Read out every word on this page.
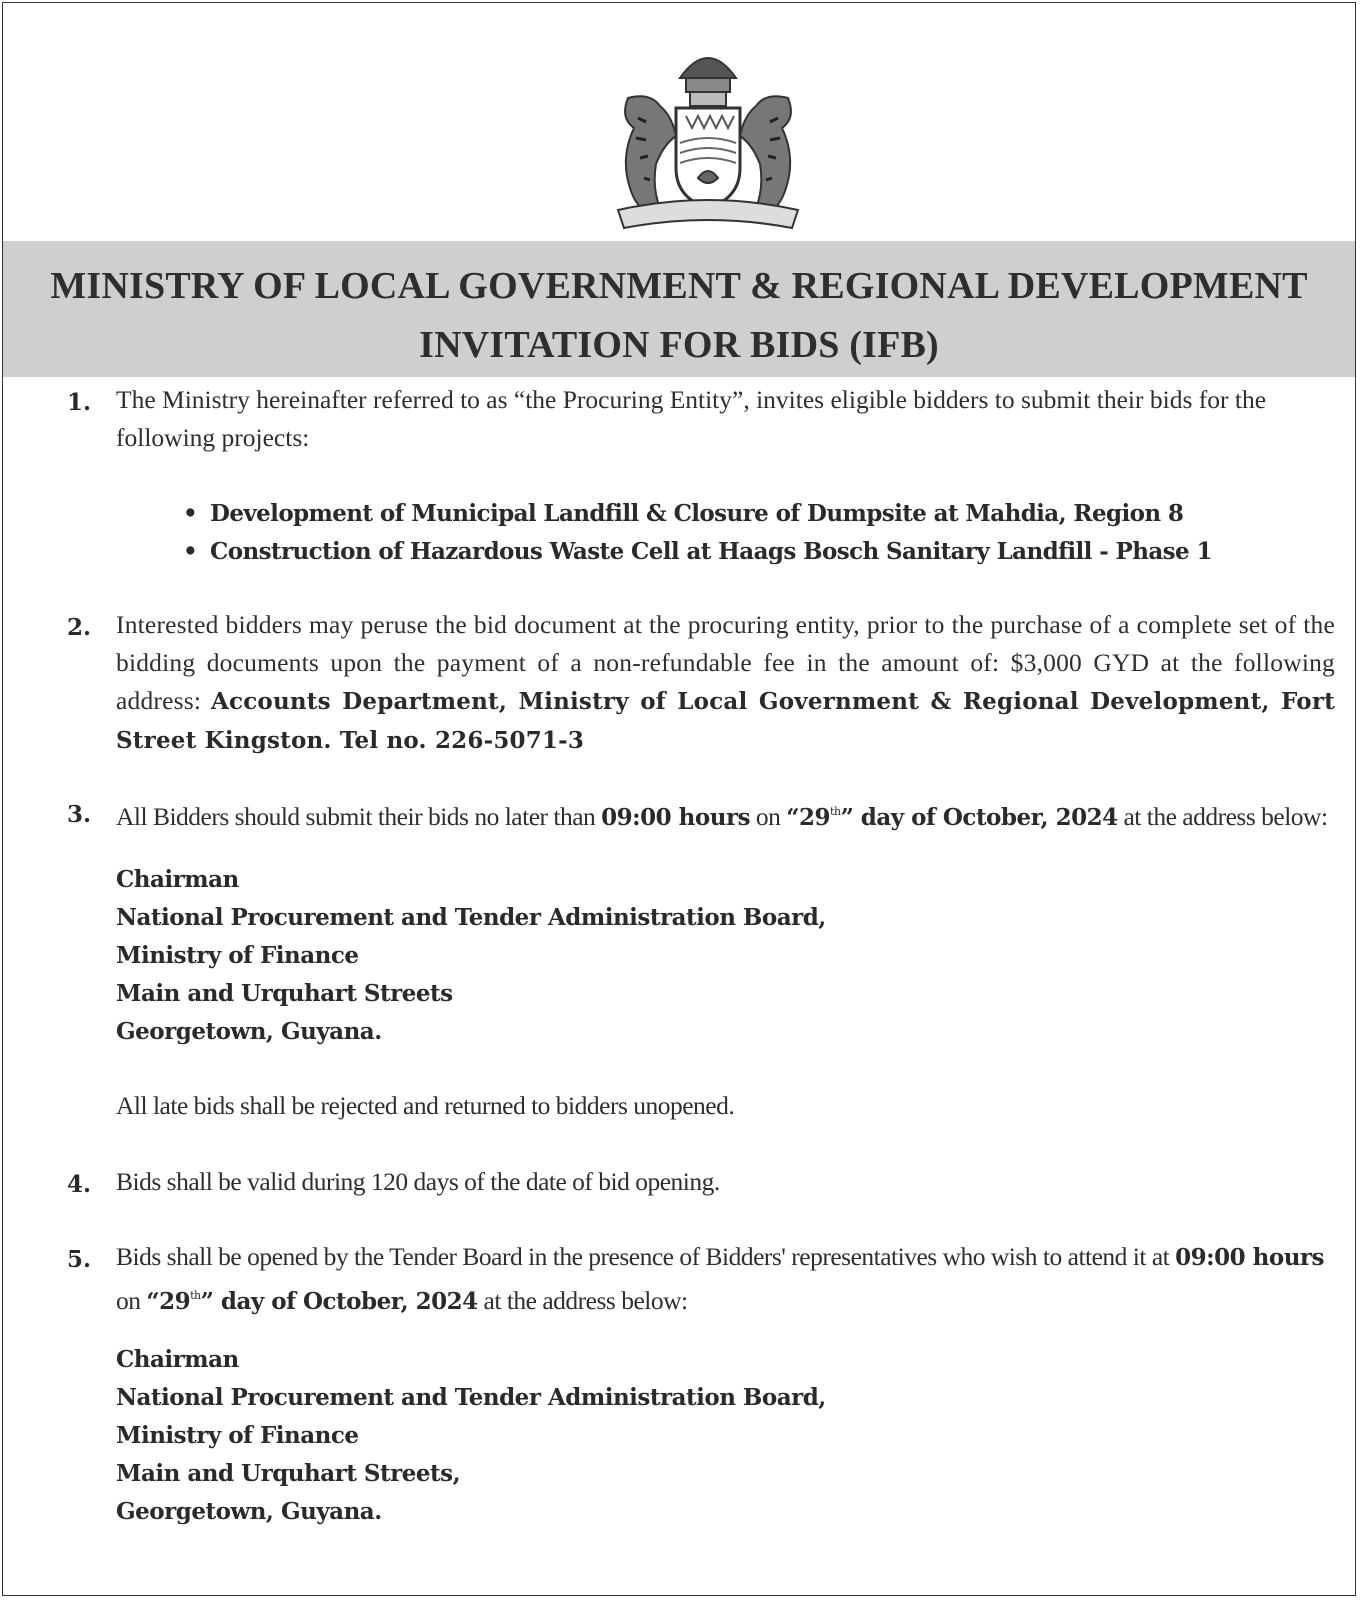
MINISTRY OF LOCAL GOVERNMENT & REGIONAL DEVELOPMENT
INVITATION FOR BIDS (IFB)
1. The Ministry hereinafter referred to as “the Procuring Entity”, invites eligible bidders to submit their bids for the following projects:
• Development of Municipal Landfill & Closure of Dumpsite at Mahdia, Region 8
• Construction of Hazardous Waste Cell at Haags Bosch Sanitary Landfill - Phase 1
2. Interested bidders may peruse the bid document at the procuring entity, prior to the purchase of a complete set of the bidding documents upon the payment of a non-refundable fee in the amount of: $3,000 GYD at the following address: Accounts Department, Ministry of Local Government & Regional Development, Fort Street Kingston. Tel no. 226-5071-3
3. All Bidders should submit their bids no later than 09:00 hours on “29th” day of October, 2024 at the address below:
Chairman
National Procurement and Tender Administration Board,
Ministry of Finance
Main and Urquhart Streets
Georgetown, Guyana.
All late bids shall be rejected and returned to bidders unopened.
4. Bids shall be valid during 120 days of the date of bid opening.
5. Bids shall be opened by the Tender Board in the presence of Bidders' representatives who wish to attend it at 09:00 hours on “29th” day of October, 2024 at the address below:
Chairman
National Procurement and Tender Administration Board,
Ministry of Finance
Main and Urquhart Streets,
Georgetown, Guyana.
